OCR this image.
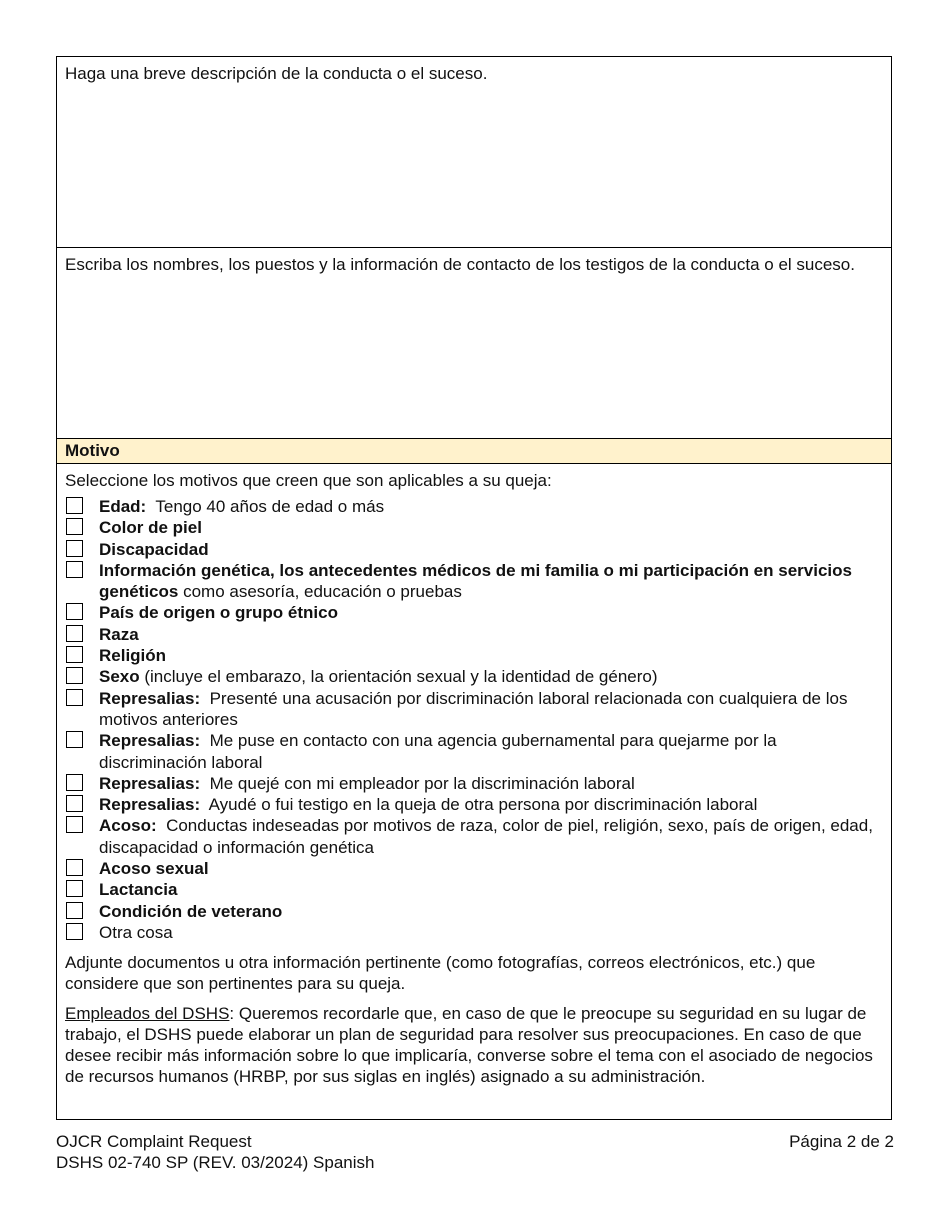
Haga una breve descripción de la conducta o el suceso.
Escriba los nombres, los puestos y la información de contacto de los testigos de la conducta o el suceso.
Motivo
Seleccione los motivos que creen que son aplicables a su queja:
Edad:  Tengo 40 años de edad o más
Color de piel
Discapacidad
Información genética, los antecedentes médicos de mi familia o mi participación en servicios genéticos como asesoría, educación o pruebas
País de origen o grupo étnico
Raza
Religión
Sexo (incluye el embarazo, la orientación sexual y la identidad de género)
Represalias:  Presenté una acusación por discriminación laboral relacionada con cualquiera de los motivos anteriores
Represalias:  Me puse en contacto con una agencia gubernamental para quejarme por la discriminación laboral
Represalias:  Me quejé con mi empleador por la discriminación laboral
Represalias:  Ayudé o fui testigo en la queja de otra persona por discriminación laboral
Acoso:  Conductas indeseadas por motivos de raza, color de piel, religión, sexo, país de origen, edad, discapacidad o información genética
Acoso sexual
Lactancia
Condición de veterano
Otra cosa
Adjunte documentos u otra información pertinente (como fotografías, correos electrónicos, etc.) que considere que son pertinentes para su queja.
Empleados del DSHS: Queremos recordarle que, en caso de que le preocupe su seguridad en su lugar de trabajo, el DSHS puede elaborar un plan de seguridad para resolver sus preocupaciones. En caso de que desee recibir más información sobre lo que implicaría, converse sobre el tema con el asociado de negocios de recursos humanos (HRBP, por sus siglas en inglés) asignado a su administración.
OJCR Complaint Request	Página 2 de 2
DSHS 02-740 SP (REV. 03/2024) Spanish
